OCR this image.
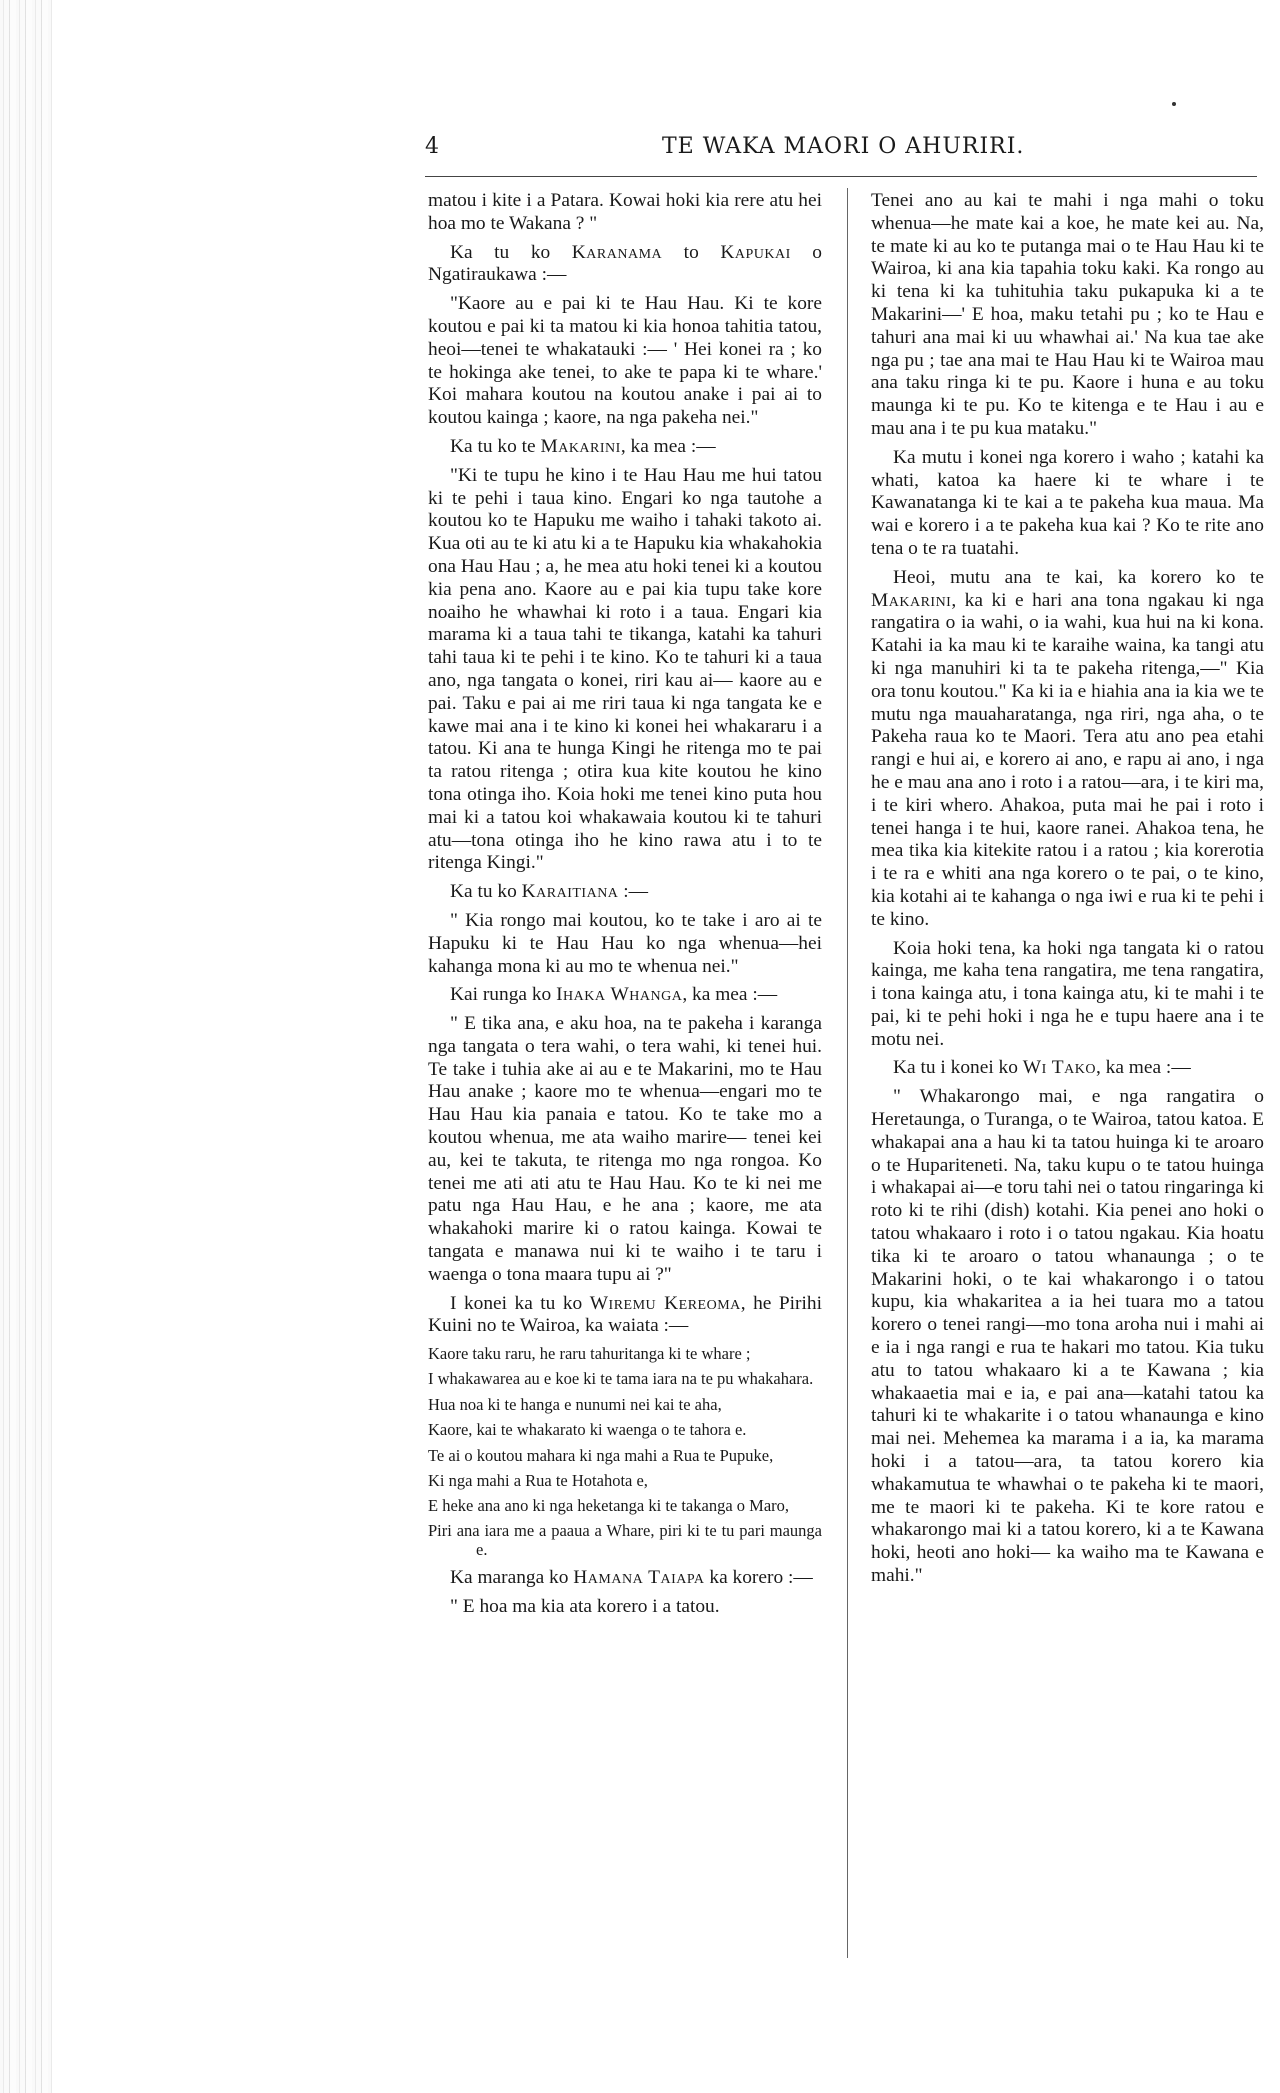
4	TE WAKA MAORI O AHURIRI.

matou i kite i a Patara. Kowai hoki kia rere atu hei hoa mo te Wakana ? "

Ka tu ko Karanama to Kapukai o Ngatiraukawa :—

"Kaore au e pai ki te Hau Hau. Ki te kore koutou e pai ki ta matou ki kia honoa tahitia tatou, heoi—tenei te whakatauki :— ' Hei konei ra ; ko te hokinga ake tenei, to ake te papa ki te whare.' Koi mahara koutou na koutou anake i pai ai to koutou kainga ; kaore, na nga pakeha nei."

Ka tu ko te Makarini, ka mea :—

"Ki te tupu he kino i te Hau Hau me hui tatou ki te pehi i taua kino. Engari ko nga tautohe a koutou ko te Hapuku me waiho i tahaki takoto ai. Kua oti au te ki atu ki a te Hapuku kia whakahokia ona Hau Hau ; a, he mea atu hoki tenei ki a koutou kia pena ano. Kaore au e pai kia tupu take kore noaiho he whawhai ki roto i a taua. Engari kia marama ki a taua tahi te tikanga, katahi ka tahuri tahi taua ki te pehi i te kino. Ko te tahuri ki a taua ano, nga tangata o konei, riri kau ai— kaore au e pai. Taku e pai ai me riri taua ki nga tangata ke e kawe mai ana i te kino ki konei hei whakararu i a tatou. Ki ana te hunga Kingi he ritenga mo te pai ta ratou ritenga ; otira kua kite koutou he kino tona otinga iho. Koia hoki me tenei kino puta hou mai ki a tatou koi whakawaia koutou ki te tahuri atu—tona otinga iho he kino rawa atu i to te ritenga Kingi."

Ka tu ko Karaitiana :—

" Kia rongo mai koutou, ko te take i aro ai te Hapuku ki te Hau Hau ko nga whenua—hei kahanga mona ki au mo te whenua nei."

Kai runga ko Ihaka Whanga, ka mea :—

" E tika ana, e aku hoa, na te pakeha i karanga nga tangata o tera wahi, o tera wahi, ki tenei hui. Te take i tuhia ake ai au e te Makarini, mo te Hau Hau anake ; kaore mo te whenua—engari mo te Hau Hau kia panaia e tatou. Ko te take mo a koutou whenua, me ata waiho marire— tenei kei au, kei te takuta, te ritenga mo nga rongoa. Ko tenei me ati ati atu te Hau Hau. Ko te ki nei me patu nga Hau Hau, e he ana ; kaore, me ata whakahoki marire ki o ratou kainga. Kowai te tangata e manawa nui ki te waiho i te taru i waenga o tona maara tupu ai ?"

I konei ka tu ko Wiremu Kereoma, he Pirihi Kuini no te Wairoa, ka waiata :—

Kaore taku raru, he raru tahuritanga ki te whare ;

I whakawarea au e koe ki te tama iara na te pu whakahara.

Hua noa ki te hanga e nunumi nei kai te aha,

Kaore, kai te whakarato ki waenga o te tahora e.

Te ai o koutou mahara ki nga mahi a Rua te Pupuke,

Ki nga mahi a Rua te Hotahota e,

E heke ana ano ki nga heketanga ki te takanga o Maro,

Piri ana iara me a paaua a Whare, piri ki te tu pari maunga e.

Ka maranga ko Hamana Taiapa ka korero :—

" E hoa ma kia ata korero i a tatou.

Tenei ano au kai te mahi i nga mahi o toku whenua—he mate kai a koe, he mate kei au. Na, te mate ki au ko te putanga mai o te Hau Hau ki te Wairoa, ki ana kia tapahia toku kaki. Ka rongo au ki tena ki ka tuhituhia taku pukapuka ki a te Makarini—' E hoa, maku tetahi pu ; ko te Hau e tahuri ana mai ki uu whawhai ai.' Na kua tae ake nga pu ; tae ana mai te Hau Hau ki te Wairoa mau ana taku ringa ki te pu. Kaore i huna e au toku maunga ki te pu. Ko te kitenga e te Hau i au e mau ana i te pu kua mataku."

Ka mutu i konei nga korero i waho ; katahi ka whati, katoa ka haere ki te whare i te Kawanatanga ki te kai a te pakeha kua maua. Ma wai e korero i a te pakeha kua kai ? Ko te rite ano tena o te ra tuatahi.

Heoi, mutu ana te kai, ka korero ko te Makarini, ka ki e hari ana tona ngakau ki nga rangatira o ia wahi, o ia wahi, kua hui na ki kona. Katahi ia ka mau ki te karaihe waina, ka tangi atu ki nga manuhiri ki ta te pakeha ritenga,—" Kia ora tonu koutou." Ka ki ia e hiahia ana ia kia we te mutu nga mauaharatanga, nga riri, nga aha, o te Pakeha raua ko te Maori. Tera atu ano pea etahi rangi e hui ai, e korero ai ano, e rapu ai ano, i nga he e mau ana ano i roto i a ratou—ara, i te kiri ma, i te kiri whero. Ahakoa, puta mai he pai i roto i tenei hanga i te hui, kaore ranei. Ahakoa tena, he mea tika kia kitekite ratou i a ratou ; kia korerotia i te ra e whiti ana nga korero o te pai, o te kino, kia kotahi ai te kahanga o nga iwi e rua ki te pehi i te kino.

Koia hoki tena, ka hoki nga tangata ki o ratou kainga, me kaha tena rangatira, me tena rangatira, i tona kainga atu, i tona kainga atu, ki te mahi i te pai, ki te pehi hoki i nga he e tupu haere ana i te motu nei.

Ka tu i konei ko Wi Tako, ka mea :—

" Whakarongo mai, e nga rangatira o Heretaunga, o Turanga, o te Wairoa, tatou katoa. E whakapai ana a hau ki ta tatou huinga ki te aroaro o te Hupariteneti. Na, taku kupu o te tatou huinga i whakapai ai—e toru tahi nei o tatou ringaringa ki roto ki te rihi (dish) kotahi. Kia penei ano hoki o tatou whakaaro i roto i o tatou ngakau. Kia hoatu tika ki te aroaro o tatou whanaunga ; o te Makarini hoki, o te kai whakarongo i o tatou kupu, kia whakaritea a ia hei tuara mo a tatou korero o tenei rangi—mo tona aroha nui i mahi ai e ia i nga rangi e rua te hakari mo tatou. Kia tuku atu to tatou whakaaro ki a te Kawana ; kia whakaaetia mai e ia, e pai ana—katahi tatou ka tahuri ki te whakarite i o tatou whanaunga e kino mai nei. Mehemea ka marama i a ia, ka marama hoki i a tatou—ara, ta tatou korero kia whakamutua te whawhai o te pakeha ki te maori, me te maori ki te pakeha. Ki te kore ratou e whakarongo mai ki a tatou korero, ki a te Kawana hoki, heoti ano hoki— ka waiho ma te Kawana e mahi."
